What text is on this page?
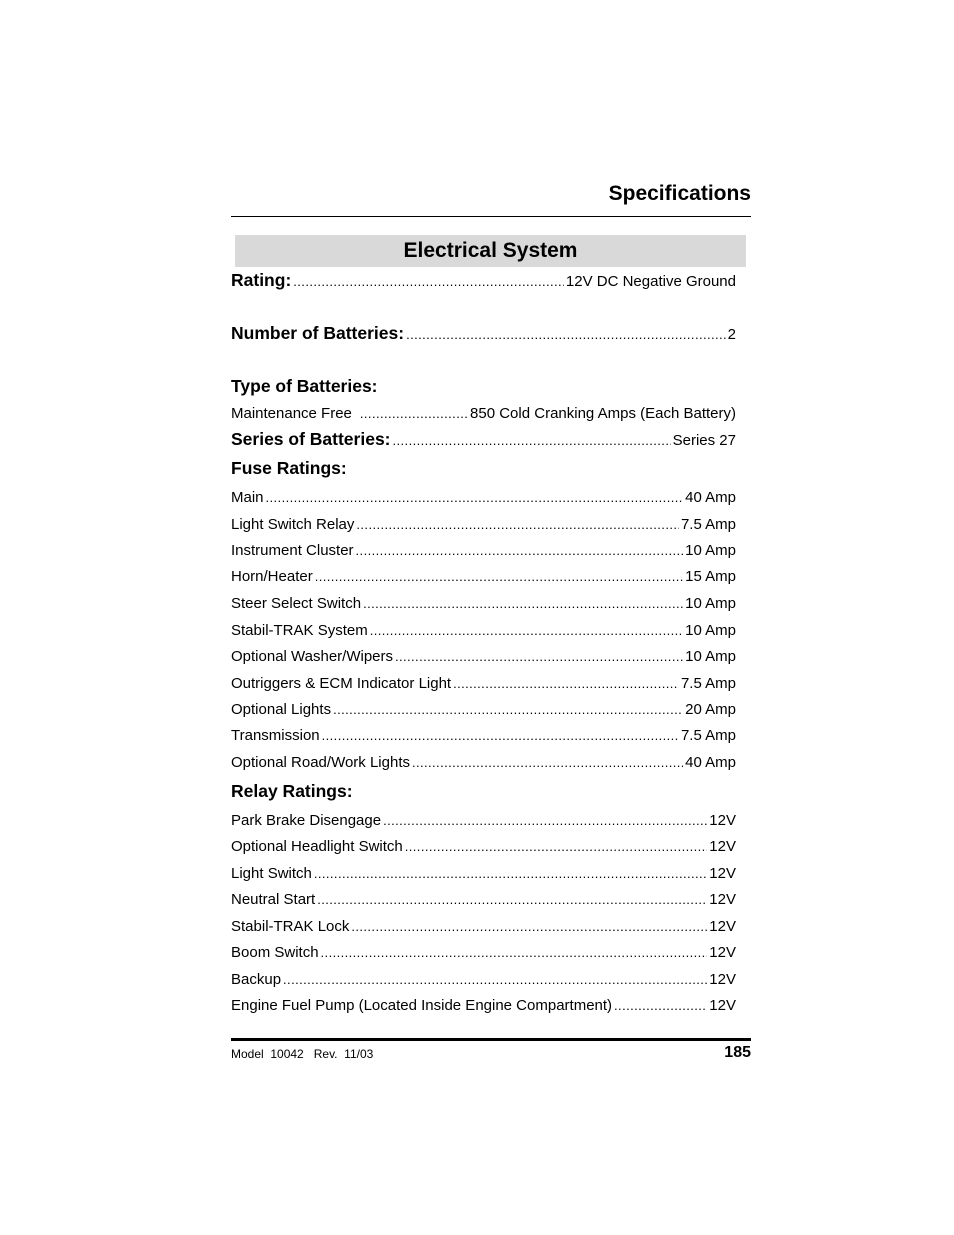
Specifications
Electrical System
Rating: .....	12V DC Negative Ground
Number of Batteries: .....	2
Type of Batteries:
Maintenance Free .....	850 Cold Cranking Amps (Each Battery)
Series of Batteries: .....	Series 27
Fuse Ratings:
Main .....	40 Amp
Light Switch Relay .....	7.5 Amp
Instrument Cluster .....	10 Amp
Horn/Heater .....	15 Amp
Steer Select Switch .....	10 Amp
Stabil-TRAK System .....	10 Amp
Optional Washer/Wipers .....	10 Amp
Outriggers & ECM Indicator Light .....	7.5 Amp
Optional Lights .....	20 Amp
Transmission .....	7.5 Amp
Optional Road/Work Lights .....	40 Amp
Relay Ratings:
Park Brake Disengage .....	12V
Optional Headlight Switch .....	12V
Light Switch .....	12V
Neutral Start .....	12V
Stabil-TRAK Lock .....	12V
Boom Switch .....	12V
Backup .....	12V
Engine Fuel Pump (Located Inside Engine Compartment) .....	12V
Model  10042   Rev.  11/03	185
